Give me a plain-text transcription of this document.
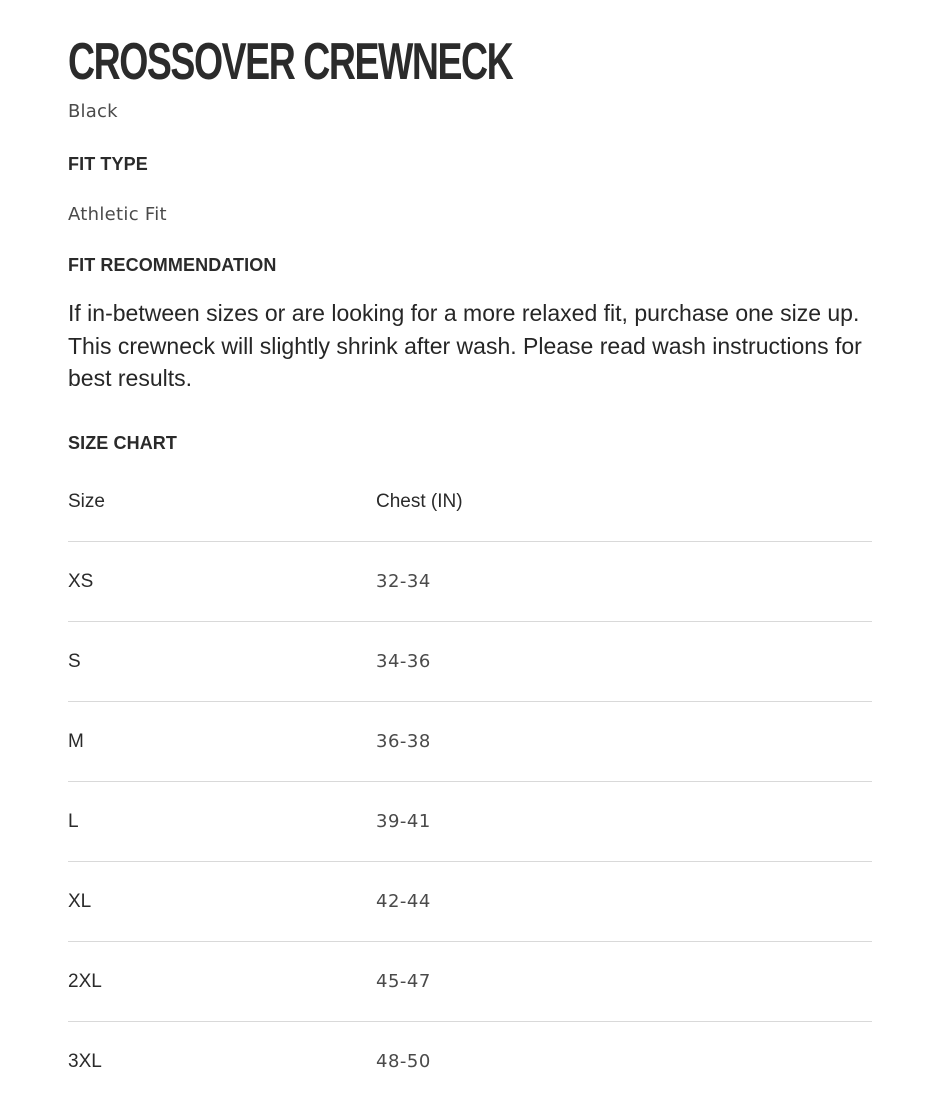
CROSSOVER CREWNECK
Black
FIT TYPE
Athletic Fit
FIT RECOMMENDATION
If in-between sizes or are looking for a more relaxed fit, purchase one size up. This crewneck will slightly shrink after wash. Please read wash instructions for best results.
SIZE CHART
Size	Chest (IN)
XS	32-34
S	34-36
M	36-38
L	39-41
XL	42-44
2XL	45-47
3XL	48-50
